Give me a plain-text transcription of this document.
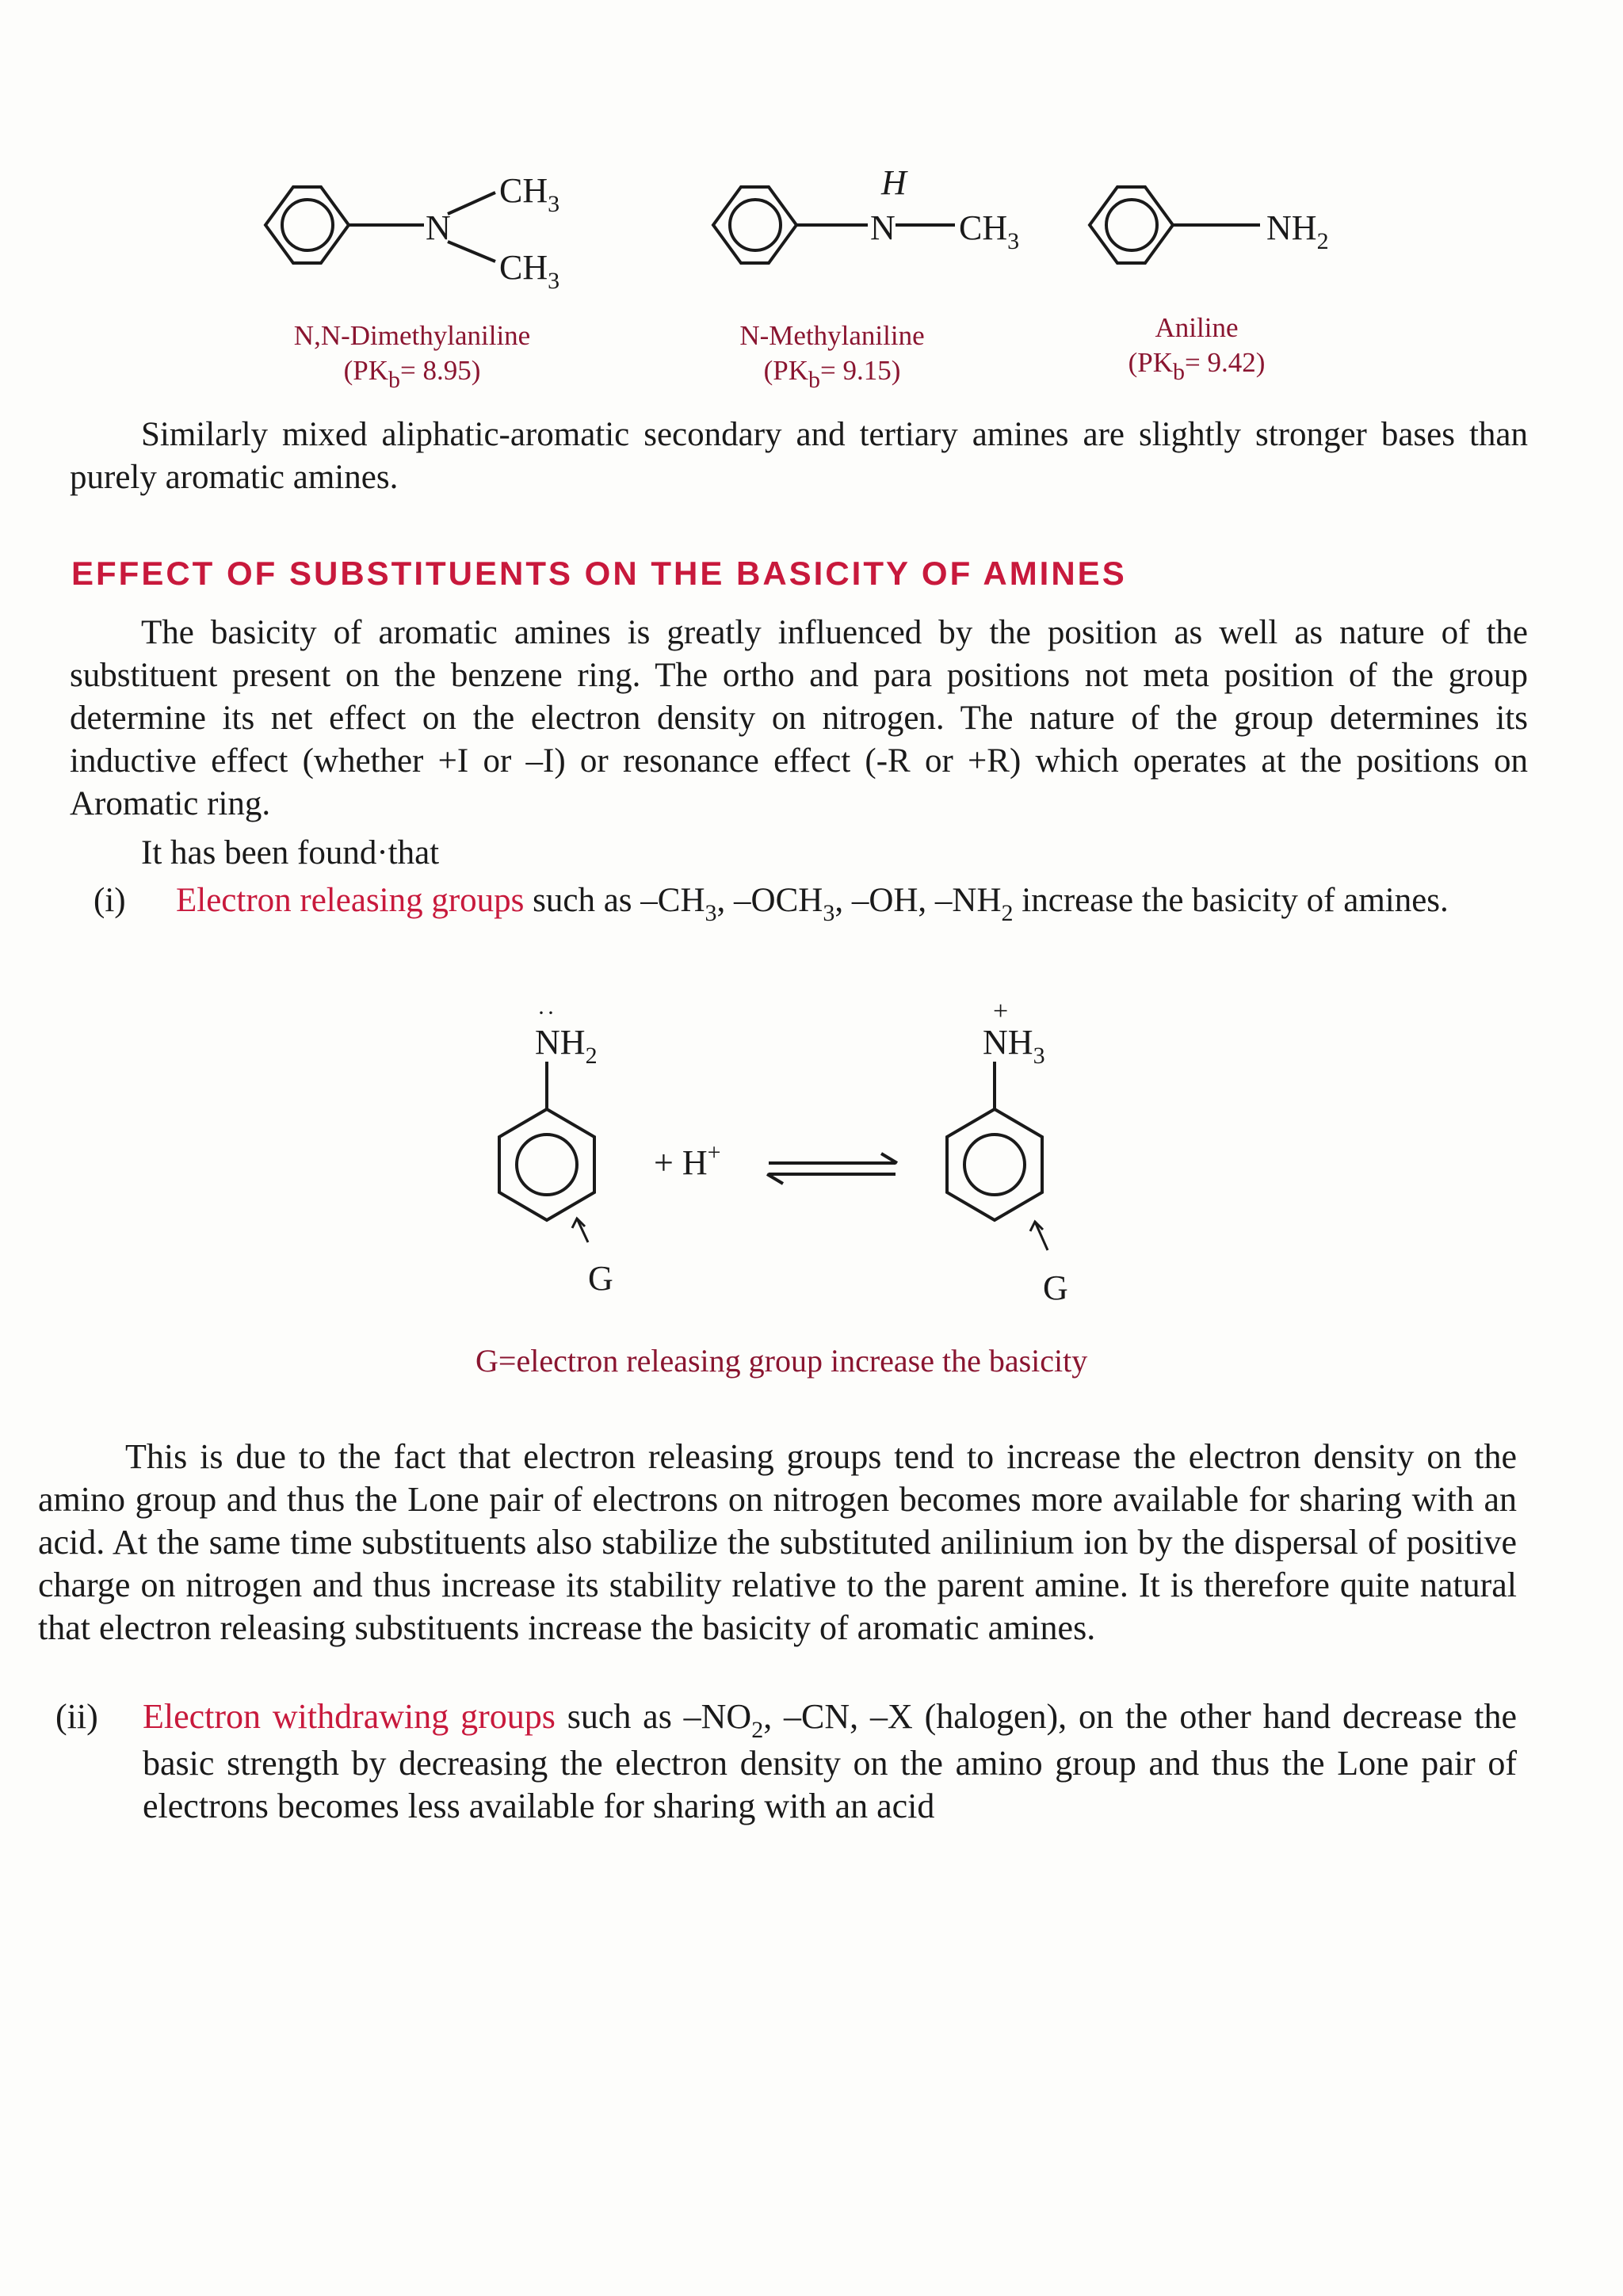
N
$CH_3$
$CH_3$
H
N $CH_3$	$NH_2$
N,N-Dimethylaniline
(PKb= 8.95)
N-Methylaniline
(PKb= 9.15)
Aniline
(PKb= 9.42)
Similarly mixed aliphatic-aromatic secondary and tertiary amines are slightly stronger bases than purely aromatic amines.
EFFECT OF SUBSTITUENTS ON THE BASICITY OF AMINES
The basicity of aromatic amines is greatly influenced by the position as well as nature of the substituent present on the benzene ring. The ortho and para positions not meta position of the group determine its net effect on the electron density on nitrogen. The nature of the group determines its inductive effect (whether +I or –I) or resonance effect (-R or +R) which operates at the positions on Aromatic ring.
It has been found·that
(i) Electron releasing groups such as $-CH_3$, $-OCH_3$, –OH, $-NH_2$ increase the basicity of amines.
··
$NH_2$
+ H+
+
$NH_3$
G	G
G=electron releasing group increase the basicity
This is due to the fact that electron releasing groups tend to increase the electron density on the amino group and thus the Lone pair of electrons on nitrogen becomes more available for sharing with an acid. At the same time substituents also stabilize the substituted anilinium ion by the dispersal of positive charge on nitrogen and thus increase its stability relative to the parent amine. It is therefore quite natural that electron releasing substituents increase the basicity of aromatic amines.
(ii) Electron withdrawing groups such as $-NO_2$, –CN, –X (halogen), on the other hand decrease the basic strength by decreasing the electron density on the amino group and thus the Lone pair of electrons becomes less available for sharing with an acid
